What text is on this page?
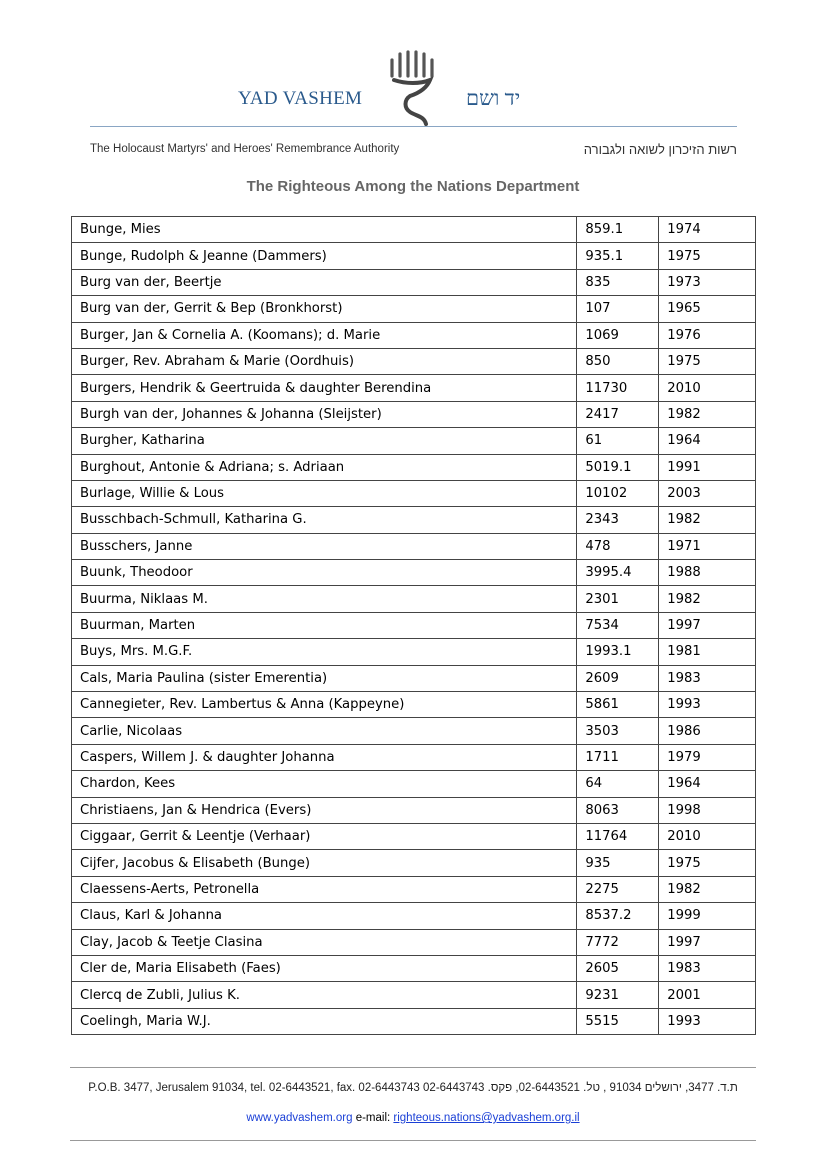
YAD VASHEM	יד ושם
The Holocaust Martyrs' and Heroes' Remembrance Authority	רשות הזיכרון לשואה ולגבורה
The Righteous Among the Nations Department
Bunge, Mies	859.1	1974
Bunge, Rudolph & Jeanne (Dammers)	935.1	1975
Burg van der, Beertje	835	1973
Burg van der, Gerrit & Bep (Bronkhorst)	107	1965
Burger, Jan & Cornelia A. (Koomans); d. Marie	1069	1976
Burger, Rev. Abraham & Marie (Oordhuis)	850	1975
Burgers, Hendrik & Geertruida & daughter Berendina	11730	2010
Burgh van der, Johannes & Johanna (Sleijster)	2417	1982
Burgher, Katharina	61	1964
Burghout, Antonie & Adriana; s. Adriaan	5019.1	1991
Burlage, Willie & Lous	10102	2003
Busschbach-Schmull, Katharina G.	2343	1982
Busschers, Janne	478	1971
Buunk, Theodoor	3995.4	1988
Buurma, Niklaas M.	2301	1982
Buurman, Marten	7534	1997
Buys, Mrs. M.G.F.	1993.1	1981
Cals, Maria Paulina (sister Emerentia)	2609	1983
Cannegieter, Rev. Lambertus & Anna (Kappeyne)	5861	1993
Carlie, Nicolaas	3503	1986
Caspers, Willem J. & daughter Johanna	1711	1979
Chardon, Kees	64	1964
Christiaens, Jan & Hendrica (Evers)	8063	1998
Ciggaar, Gerrit & Leentje (Verhaar)	11764	2010
Cijfer, Jacobus & Elisabeth (Bunge)	935	1975
Claessens-Aerts, Petronella	2275	1982
Claus, Karl & Johanna	8537.2	1999
Clay, Jacob & Teetje Clasina	7772	1997
Cler de, Maria Elisabeth (Faes)	2605	1983
Clercq de Zubli, Julius K.	9231	2001
Coelingh, Maria W.J.	5515	1993
P.O.B. 3477, Jerusalem 91034, tel. 02-6443521, fax. 02-6443743 ת.ד. 3477, ירושלים 91034 , טל. 02-6443521, פקס. 02-6443743
www.yadvashem.org e-mail: righteous.nations@yadvashem.org.il
